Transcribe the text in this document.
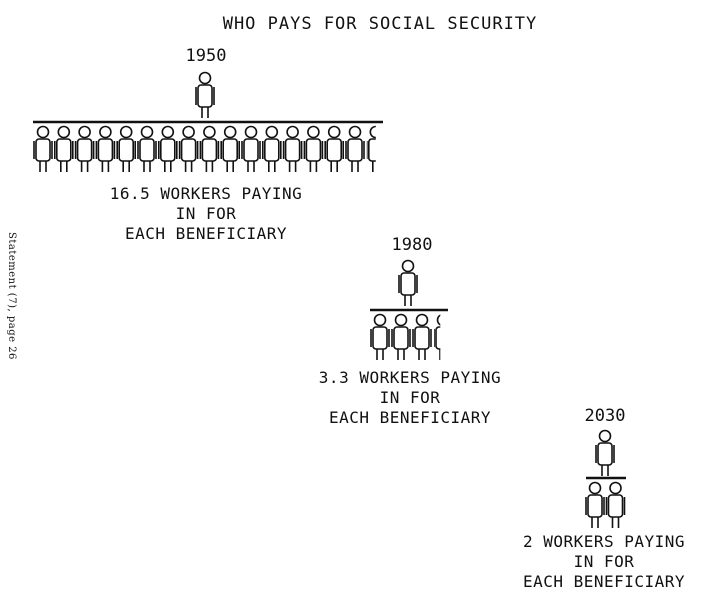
WHO PAYS FOR SOCIAL SECURITY
Statement (7), page 26
1950
16.5 WORKERS PAYING
IN FOR
EACH BENEFICIARY
1980
3.3 WORKERS PAYING
IN FOR
EACH BENEFICIARY	2030
2 WORKERS PAYING
IN FOR
EACH BENEFICIARY
